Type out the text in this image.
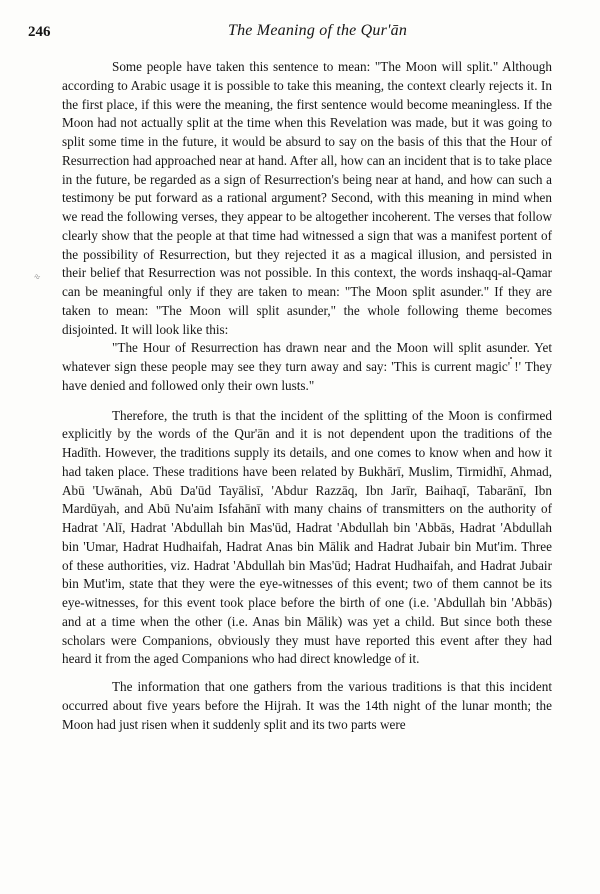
246	The Meaning of the Qur'ān
≈

Some people have taken this sentence to mean: "The Moon will split." Although according to Arabic usage it is possible to take this meaning, the context clearly rejects it. In the first place, if this were the meaning, the first sentence would become meaningless. If the Moon had not actually split at the time when this Revelation was made, but it was going to split some time in the future, it would be absurd to say on the basis of this that the Hour of Resurrection had approached near at hand. After all, how can an incident that is to take place in the future, be regarded as a sign of Resurrection's being near at hand, and how can such a testimony be put forward as a rational argument? Second, with this meaning in mind when we read the following verses, they appear to be altogether incoherent. The verses that follow clearly show that the people at that time had witnessed a sign that was a manifest portent of the possibility of Resurrection, but they rejected it as a magical illusion, and persisted in their belief that Resurrection was not possible. In this context, the words inshaqq-al-Qamar can be meaningful only if they are taken to mean: "The Moon split asunder." If they are taken to mean: "The Moon will split asunder," the whole following theme becomes disjointed. It will look like this:

"The Hour of Resurrection has drawn near and the Moon will split asunder. Yet whatever sign these people may see they turn away and say: 'This is current magic' !' They have denied and followed only their own lusts."

Therefore, the truth is that the incident of the splitting of the Moon is confirmed explicitly by the words of the Qur'ān and it is not dependent upon the traditions of the Hadīth. However, the traditions supply its details, and one comes to know when and how it had taken place. These traditions have been related by Bukhārī, Muslim, Tirmidhī, Ahmad, Abū 'Uwānah, Abū Da'ūd Tayālisī, 'Abdur Razzāq, Ibn Jarīr, Baihaqī, Tabarānī, Ibn Mardūyah, and Abū Nu'aim Isfahānī with many chains of transmitters on the authority of Hadrat 'Alī, Hadrat 'Abdullah bin Mas'ūd, Hadrat 'Abdullah bin 'Abbās, Hadrat 'Abdullah bin 'Umar, Hadrat Hudhaifah, Hadrat Anas bin Mālik and Hadrat Jubair bin Mut'im. Three of these authorities, viz. Hadrat 'Abdullah bin Mas'ūd; Hadrat Hudhaifah, and Hadrat Jubair bin Mut'im, state that they were the eye-witnesses of this event; two of them cannot be its eye-witnesses, for this event took place before the birth of one (i.e. 'Abdullah bin 'Abbās) and at a time when the other (i.e. Anas bin Mālik) was yet a child. But since both these scholars were Companions, obviously they must have reported this event after they had heard it from the aged Companions who had direct knowledge of it.

The information that one gathers from the various traditions is that this incident occurred about five years before the Hijrah. It was the 14th night of the lunar month; the Moon had just risen when it suddenly split and its two parts were
